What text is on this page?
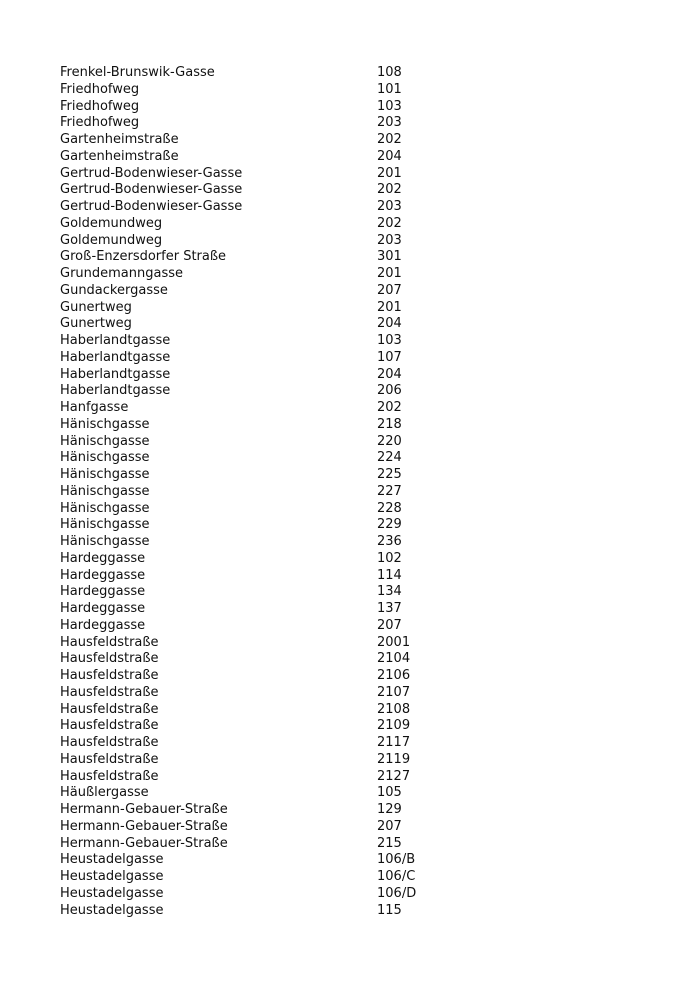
Frenkel-Brunswik-Gasse	108
Friedhofweg	101
Friedhofweg	103
Friedhofweg	203
Gartenheimstraße	202
Gartenheimstraße	204
Gertrud-Bodenwieser-Gasse	201
Gertrud-Bodenwieser-Gasse	202
Gertrud-Bodenwieser-Gasse	203
Goldemundweg	202
Goldemundweg	203
Groß-Enzersdorfer Straße	301
Grundemanngasse	201
Gundackergasse	207
Gunertweg	201
Gunertweg	204
Haberlandtgasse	103
Haberlandtgasse	107
Haberlandtgasse	204
Haberlandtgasse	206
Hanfgasse	202
Hänischgasse	218
Hänischgasse	220
Hänischgasse	224
Hänischgasse	225
Hänischgasse	227
Hänischgasse	228
Hänischgasse	229
Hänischgasse	236
Hardeggasse	102
Hardeggasse	114
Hardeggasse	134
Hardeggasse	137
Hardeggasse	207
Hausfeldstraße	2001
Hausfeldstraße	2104
Hausfeldstraße	2106
Hausfeldstraße	2107
Hausfeldstraße	2108
Hausfeldstraße	2109
Hausfeldstraße	2117
Hausfeldstraße	2119
Hausfeldstraße	2127
Häußlergasse	105
Hermann-Gebauer-Straße	129
Hermann-Gebauer-Straße	207
Hermann-Gebauer-Straße	215
Heustadelgasse	106/B
Heustadelgasse	106/C
Heustadelgasse	106/D
Heustadelgasse	115
